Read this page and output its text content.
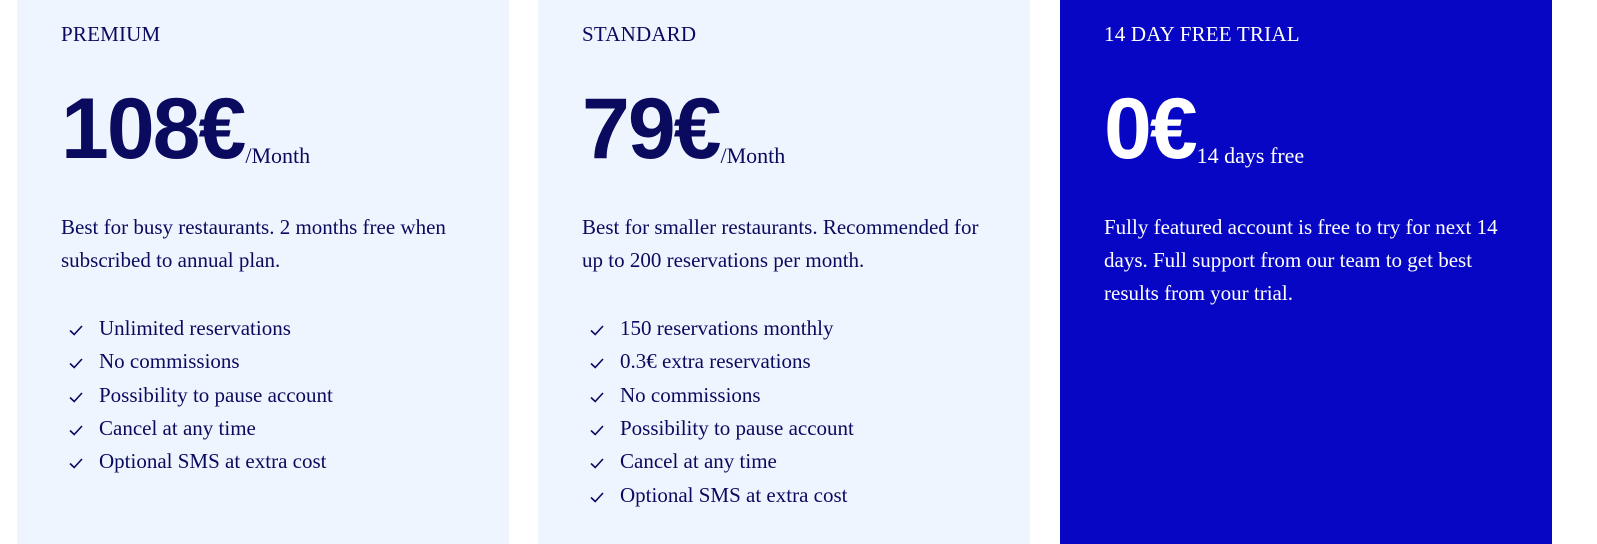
PREMIUM
108€ /Month

Best for busy restaurants. 2 months free when subscribed to annual plan.

Unlimited reservations
No commissions
Possibility to pause account
Cancel at any time
Optional SMS at extra cost
STANDARD
79€ /Month

Best for smaller restaurants. Recommended for up to 200 reservations per month.

150 reservations monthly
0.3€ extra reservations
No commissions
Possibility to pause account
Cancel at any time
Optional SMS at extra cost
14 DAY FREE TRIAL
0€ 14 days free

Fully featured account is free to try for next 14 days. Full support from our team to get best results from your trial.
